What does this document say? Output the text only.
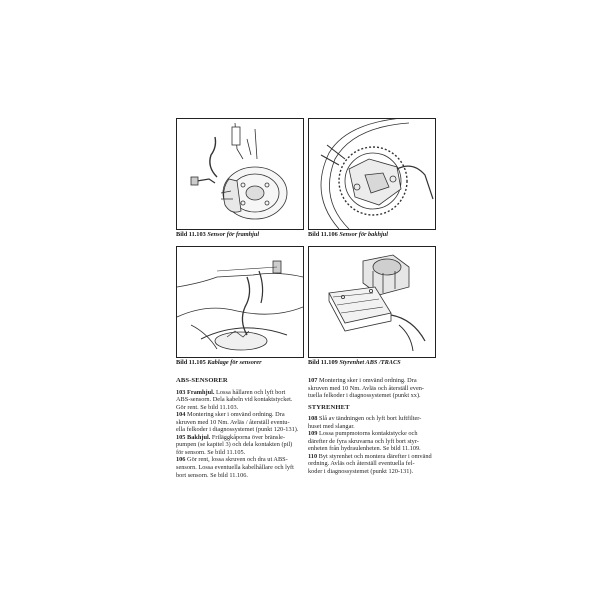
Bild 11.103 Sensor för framhjul	Bild 11.106 Sensor för bakhjul
Bild 11.105 Kablage för sensorer	Bild 11.109 Styrenhet ABS /TRACS

ABS-SENSORER

103 Framhjul. Lossa hållaren och lyft bort

ABS-sensorn. Dela kabeln vid kontaktstycket.

Gör rent. Se bild 11.103.

104 Montering sker i omvänd ordning. Dra

skruven med 10 Nm. Avläs / återställ eventu-

ella felkoder i diagnossystemet (punkt 120-131).

105 Bakhjul. Friläggkåporna över bränsle-

pumpen (se kapitel 3) och dela kontakten (pil)

för sensorn. Se bild 11.105.

106 Gör rent, lossa skruven och dra ut ABS-

sensorn. Lossa eventuella kabelhållare och lyft

bort sensorn. Se bild 11.106.

107 Montering sker i omvänd ordning. Dra

skruven med 10 Nm. Avläs och återställ even-

tuella felkoder i diagnossystemet (punkt xx).

STYRENHET

108 Slå av tändningen och lyft bort luftfilter-

huset med slangar.

109 Lossa pumpmotorns kontaktstycke och

därefter de fyra skruvarna och lyft bort styr-

enheten från hydraulenheten. Se bild 11.109.

110 Byt styrenhet och montera därefter i omvänd

ordning. Avläs och återställ eventuella fel-

koder i diagnossystemet (punkt 120-131).
